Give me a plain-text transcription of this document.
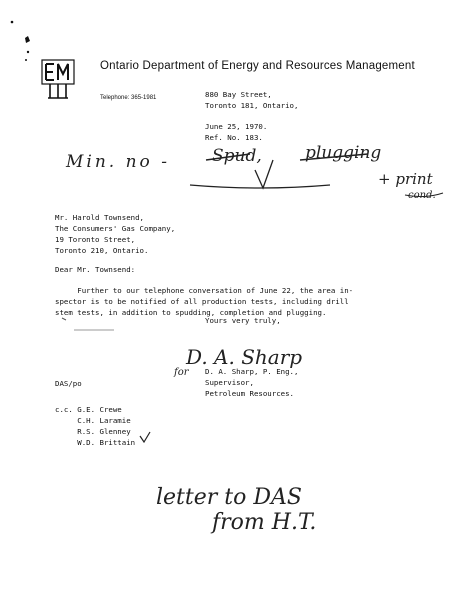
Ontario Department of Energy and Resources Management
Telephone: 365-1981	880 Bay Street,
Toronto 181, Ontario,
June 25, 1970.
Ref. No. 183.
Min. no - Spud,	plugging
+ print
cond.
Mr. Harold Townsend,
The Consumers' Gas Company,
19 Toronto Street,
Toronto 210, Ontario.
Dear Mr. Townsend:
Further to our telephone conversation of June 22, the area in-
spector is to be notified of all production tests, including drill
stem tests, in addition to spudding, completion and plugging.
Yours very truly,
for
D. A. Sharp
D. A. Sharp, P. Eng.,
Supervisor,
Petroleum Resources.
DAS/po
c.c. G.E. Crewe
C.H. Laramie
R.S. Glenney
W.D. Brittain
letter to DAS
from H.T.
